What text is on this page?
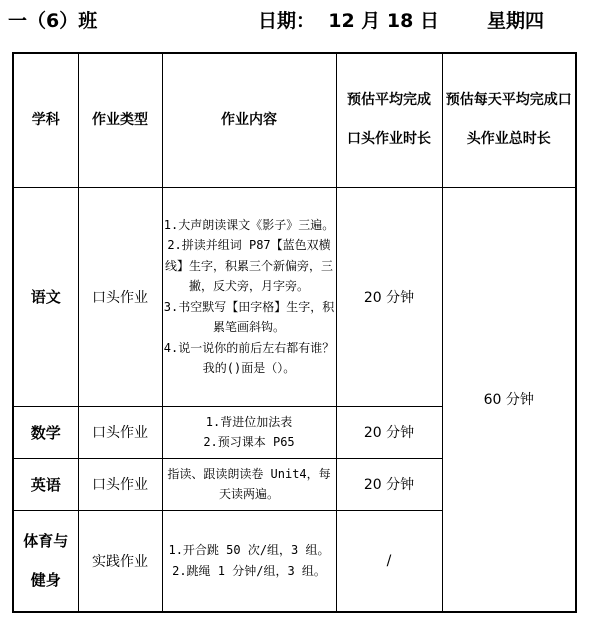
一（6）班	日期：  12 月 18 日	星期四
学科	作业类型	作业内容	预估平均完成口头作业时长	预估每天平均完成口头作业总时长
语文	口头作业	1.大声朗读课文《影子》三遍。
2.拼读并组词 P87【蓝色双横线】生字，积累三个新偏旁，三撇，反犬旁，月字旁。
3.书空默写【田字格】生字，积累笔画斜钩。
4.说一说你的前后左右都有谁？我的()面是（）。	20 分钟	60 分钟
数学	口头作业	1.背进位加法表
2.预习课本 P65	20 分钟	
英语	口头作业	指读、跟读朗读卷 Unit4，每天读两遍。	20 分钟	
体育与健身	实践作业	1.开合跳 50 次/组，3 组。
2.跳绳 1 分钟/组，3 组。	/	
